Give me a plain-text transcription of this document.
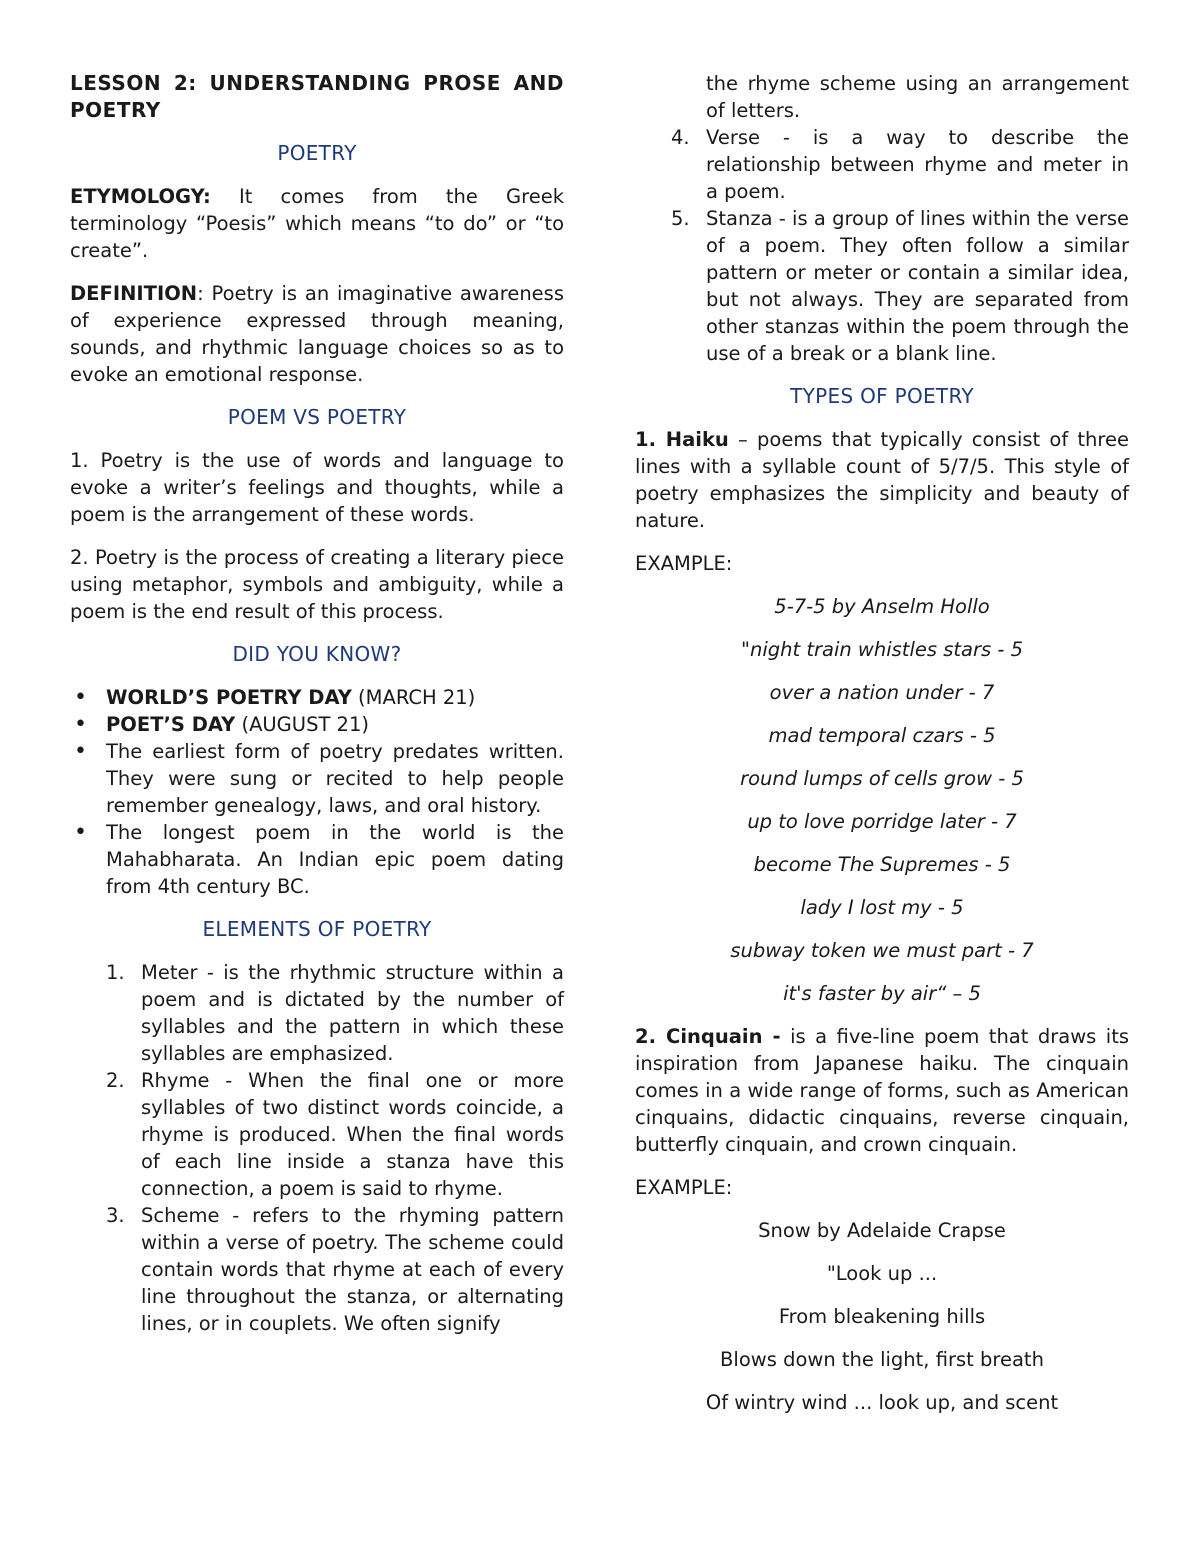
LESSON 2: UNDERSTANDING PROSE AND POETRY
POETRY

ETYMOLOGY: It comes from the Greek terminology “Poesis” which means “to do” or “to create”.

DEFINITION: Poetry is an imaginative awareness of experience expressed through meaning, sounds, and rhythmic language choices so as to evoke an emotional response.

POEM VS POETRY

1. Poetry is the use of words and language to evoke a writer’s feelings and thoughts, while a poem is the arrangement of these words.

2. Poetry is the process of creating a literary piece using metaphor, symbols and ambiguity, while a poem is the end result of this process.

DID YOU KNOW?
• WORLD’S POETRY DAY (MARCH 21)
• POET’S DAY (AUGUST 21)
• The earliest form of poetry predates written. They were sung or recited to help people remember genealogy, laws, and oral history.
• The longest poem in the world is the Mahabharata. An Indian epic poem dating from 4th century BC.
ELEMENTS OF POETRY
1. Meter - is the rhythmic structure within a poem and is dictated by the number of syllables and the pattern in which these syllables are emphasized.
2. Rhyme - When the final one or more syllables of two distinct words coincide, a rhyme is produced. When the final words of each line inside a stanza have this connection, a poem is said to rhyme.
3. Scheme - refers to the rhyming pattern within a verse of poetry. The scheme could contain words that rhyme at each of every line throughout the stanza, or alternating lines, or in couplets. We often signify
the rhyme scheme using an arrangement of letters.
4. Verse - is a way to describe the relationship between rhyme and meter in a poem.
5. Stanza - is a group of lines within the verse of a poem. They often follow a similar pattern or meter or contain a similar idea, but not always. They are separated from other stanzas within the poem through the use of a break or a blank line.
TYPES OF POETRY

1. Haiku – poems that typically consist of three lines with a syllable count of 5/7/5. This style of poetry emphasizes the simplicity and beauty of nature.

EXAMPLE:

5-7-5 by Anselm Hollo

"night train whistles stars - 5

over a nation under - 7

mad temporal czars - 5

round lumps of cells grow - 5

up to love porridge later - 7

become The Supremes - 5

lady I lost my - 5

subway token we must part - 7

it's faster by air“ – 5

2. Cinquain - is a five-line poem that draws its inspiration from Japanese haiku. The cinquain comes in a wide range of forms, such as American cinquains, didactic cinquains, reverse cinquain, butterfly cinquain, and crown cinquain.

EXAMPLE:

Snow by Adelaide Crapse

"Look up ...

From bleakening hills

Blows down the light, first breath

Of wintry wind ... look up, and scent
